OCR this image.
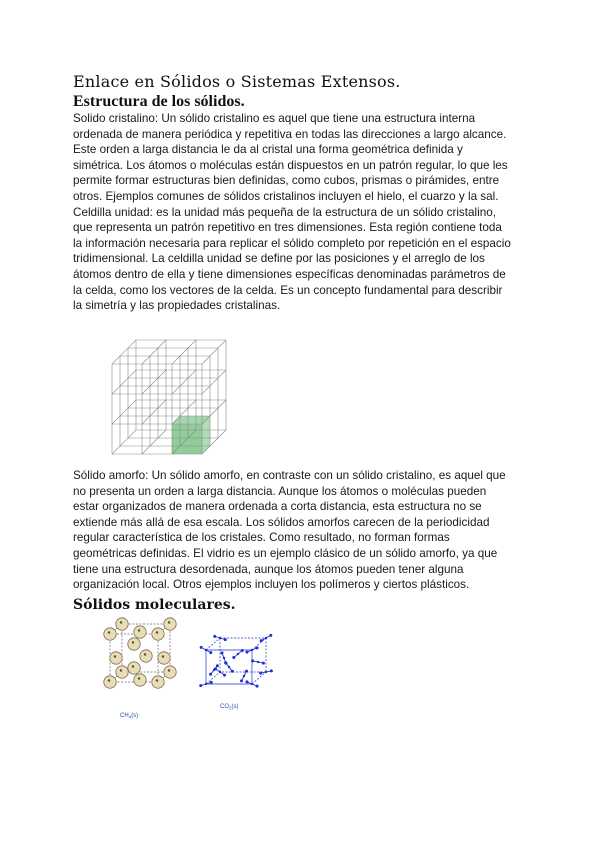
Enlace en Sólidos o Sistemas Extensos.
Estructura de los sólidos.
Solido cristalino: Un sólido cristalino es aquel que tiene una estructura interna
ordenada de manera periódica y repetitiva en todas las direcciones a largo alcance.
Este orden a larga distancia le da al cristal una forma geométrica definida y
simétrica. Los átomos o moléculas están dispuestos en un patrón regular, lo que les
permite formar estructuras bien definidas, como cubos, prismas o pirámides, entre
otros. Ejemplos comunes de sólidos cristalinos incluyen el hielo, el cuarzo y la sal.
Celdilla unidad: es la unidad más pequeña de la estructura de un sólido cristalino,
que representa un patrón repetitivo en tres dimensiones. Esta región contiene toda
la información necesaria para replicar el sólido completo por repetición en el espacio
tridimensional. La celdilla unidad se define por las posiciones y el arreglo de los
átomos dentro de ella y tiene dimensiones específicas denominadas parámetros de
la celda, como los vectores de la celda. Es un concepto fundamental para describir
la simetría y las propiedades cristalinas.
Sólido amorfo: Un sólido amorfo, en contraste con un sólido cristalino, es aquel que
no presenta un orden a larga distancia. Aunque los átomos o moléculas pueden
estar organizados de manera ordenada a corta distancia, esta estructura no se
extiende más allá de esa escala. Los sólidos amorfos carecen de la periodicidad
regular característica de los cristales. Como resultado, no forman formas
geométricas definidas. El vidrio es un ejemplo clásico de un sólido amorfo, ya que
tiene una estructura desordenada, aunque los átomos pueden tener alguna
organización local. Otros ejemplos incluyen los polímeros y ciertos plásticos.
Sólidos moleculares.
$CH_4(s)$
$CO_2(s)$
